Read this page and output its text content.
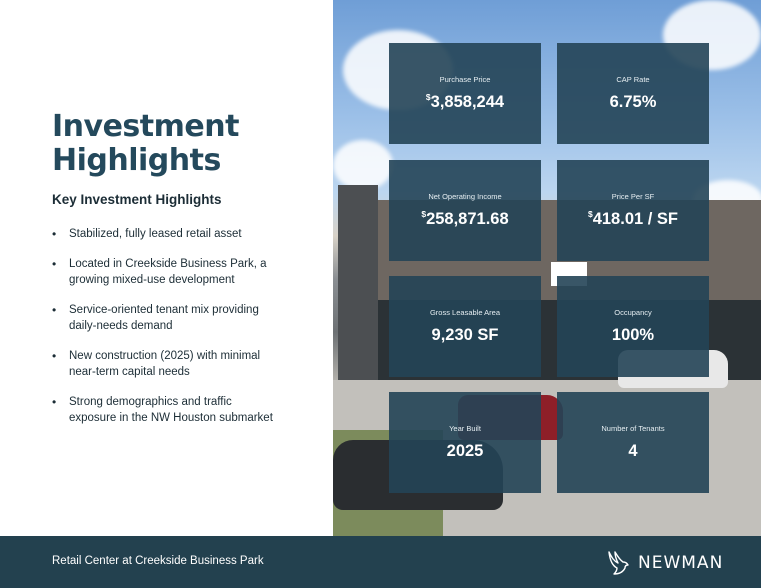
Investment
Highlights
Key Investment Highlights
• Stabilized, fully leased retail asset
• Located in Creekside Business Park, a
growing mixed-use development
• Service-oriented tenant mix providing
daily-needs demand
• New construction (2025) with minimal
near-term capital needs
• Strong demographics and traffic
exposure in the NW Houston submarket
Purchase Price
$3,858,244
CAP Rate
6.75%
Net Operating Income
$258,871.68
Price Per SF
$418.01 / SF
Gross Leasable Area
9,230 SF
Occupancy
100%
Year Built
2025
Number of Tenants
4
Retail Center at Creekside Business Park	NEWMAN
